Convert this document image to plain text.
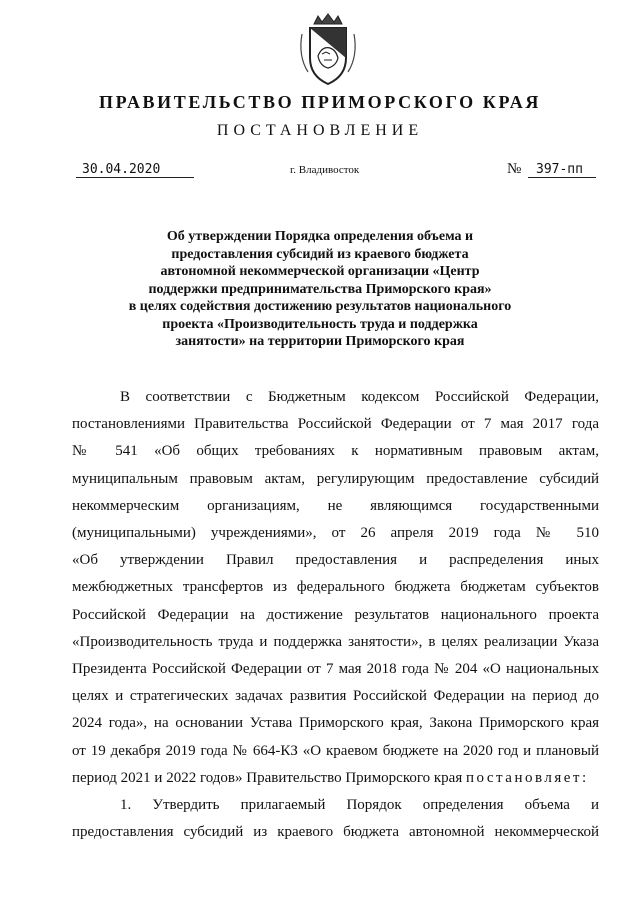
ПРАВИТЕЛЬСТВО ПРИМОРСКОГО КРАЯ
ПОСТАНОВЛЕНИЕ
30.04.2020	г. Владивосток	№	397-пп
Об утверждении Порядка определения объема и
предоставления субсидий из краевого бюджета
автономной некоммерческой организации «Центр
поддержки предпринимательства Приморского края»
в целях содействия достижению результатов национального
проекта «Производительность труда и поддержка
занятости» на территории Приморского края
В соответствии с Бюджетным кодексом Российской Федерации,
постановлениями Правительства Российской Федерации от 7 мая 2017 года
№ 541 «Об общих требованиях к нормативным правовым актам,
муниципальным правовым актам, регулирующим предоставление субсидий
некоммерческим организациям, не являющимся государственными
(муниципальными) учреждениями», от 26 апреля 2019 года № 510
«Об утверждении Правил предоставления и распределения иных
межбюджетных трансфертов из федерального бюджета бюджетам субъектов
Российской Федерации на достижение результатов национального проекта
«Производительность труда и поддержка занятости», в целях реализации Указа
Президента Российской Федерации от 7 мая 2018 года № 204 «О национальных
целях и стратегических задачах развития Российской Федерации на период до
2024 года», на основании Устава Приморского края, Закона Приморского края
от 19 декабря 2019 года № 664-КЗ «О краевом бюджете на 2020 год и плановый
период 2021 и 2022 годов» Правительство Приморского края постановляет:
1. Утвердить прилагаемый Порядок определения объема и
предоставления субсидий из краевого бюджета автономной некоммерческой
